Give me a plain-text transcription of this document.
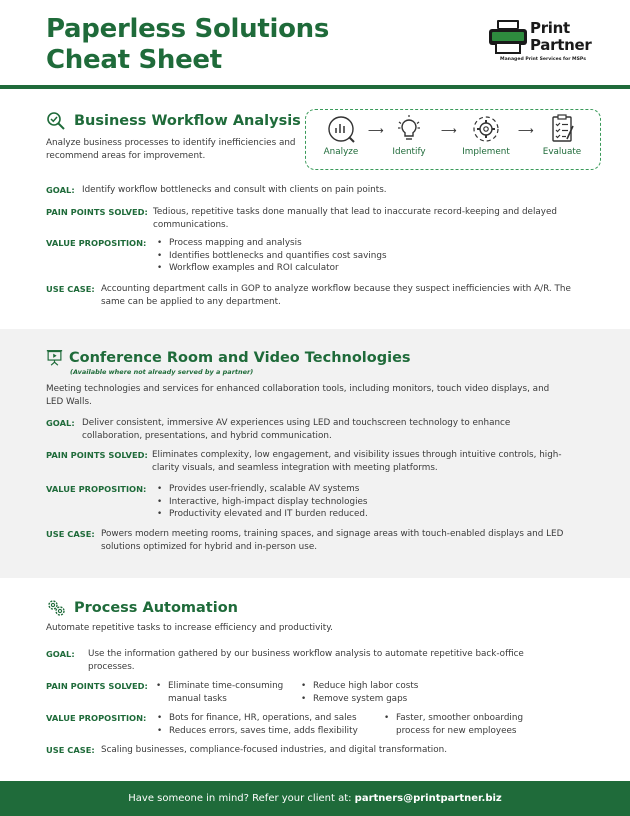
Paperless Solutions
Cheat Sheet
Print
Partner
Managed Print Services for MSPs
Business Workflow Analysis
Analyze business processes to identify inefficiencies and recommend areas for improvement.
GOAL: Identify workflow bottlenecks and consult with clients on pain points.
PAIN POINTS SOLVED: Tedious, repetitive tasks done manually that lead to inaccurate record-keeping and delayed communications.
VALUE PROPOSITION:	• Process mapping and analysis
• Identifies bottlenecks and quantifies cost savings
• Workflow examples and ROI calculator
USE CASE: Accounting department calls in GOP to analyze workflow because they suspect inefficiencies with A/R. The same can be applied to any department.
Analyze
⟶
Identify
⟶
Implement
⟶
Evaluate
Conference Room and Video Technologies
(Available where not already served by a partner)
Meeting technologies and services for enhanced collaboration tools, including monitors, touch video displays, and LED Walls.
GOAL: Deliver consistent, immersive AV experiences using LED and touchscreen technology to enhance collaboration, presentations, and hybrid communication.
PAIN POINTS SOLVED: Eliminates complexity, low engagement, and visibility issues through intuitive controls, high-clarity visuals, and seamless integration with meeting platforms.
VALUE PROPOSITION:	• Provides user-friendly, scalable AV systems
• Interactive, high-impact display technologies
• Productivity elevated and IT burden reduced.
USE CASE: Powers modern meeting rooms, training spaces, and signage areas with touch-enabled displays and LED solutions optimized for hybrid and in-person use.
Process Automation
Automate repetitive tasks to increase efficiency and productivity.
GOAL: Use the information gathered by our business workflow analysis to automate repetitive back-office processes.
PAIN POINTS SOLVED:	• Eliminate time-consuming manual tasks
• Reduce high labor costs
• Remove system gaps
VALUE PROPOSITION:	• Bots for finance, HR, operations, and sales
• Reduces errors, saves time, adds flexibility
• Faster, smoother onboarding process for new employees
USE CASE: Scaling businesses, compliance-focused industries, and digital transformation.
Have someone in mind? Refer your client at: partners@printpartner.biz
